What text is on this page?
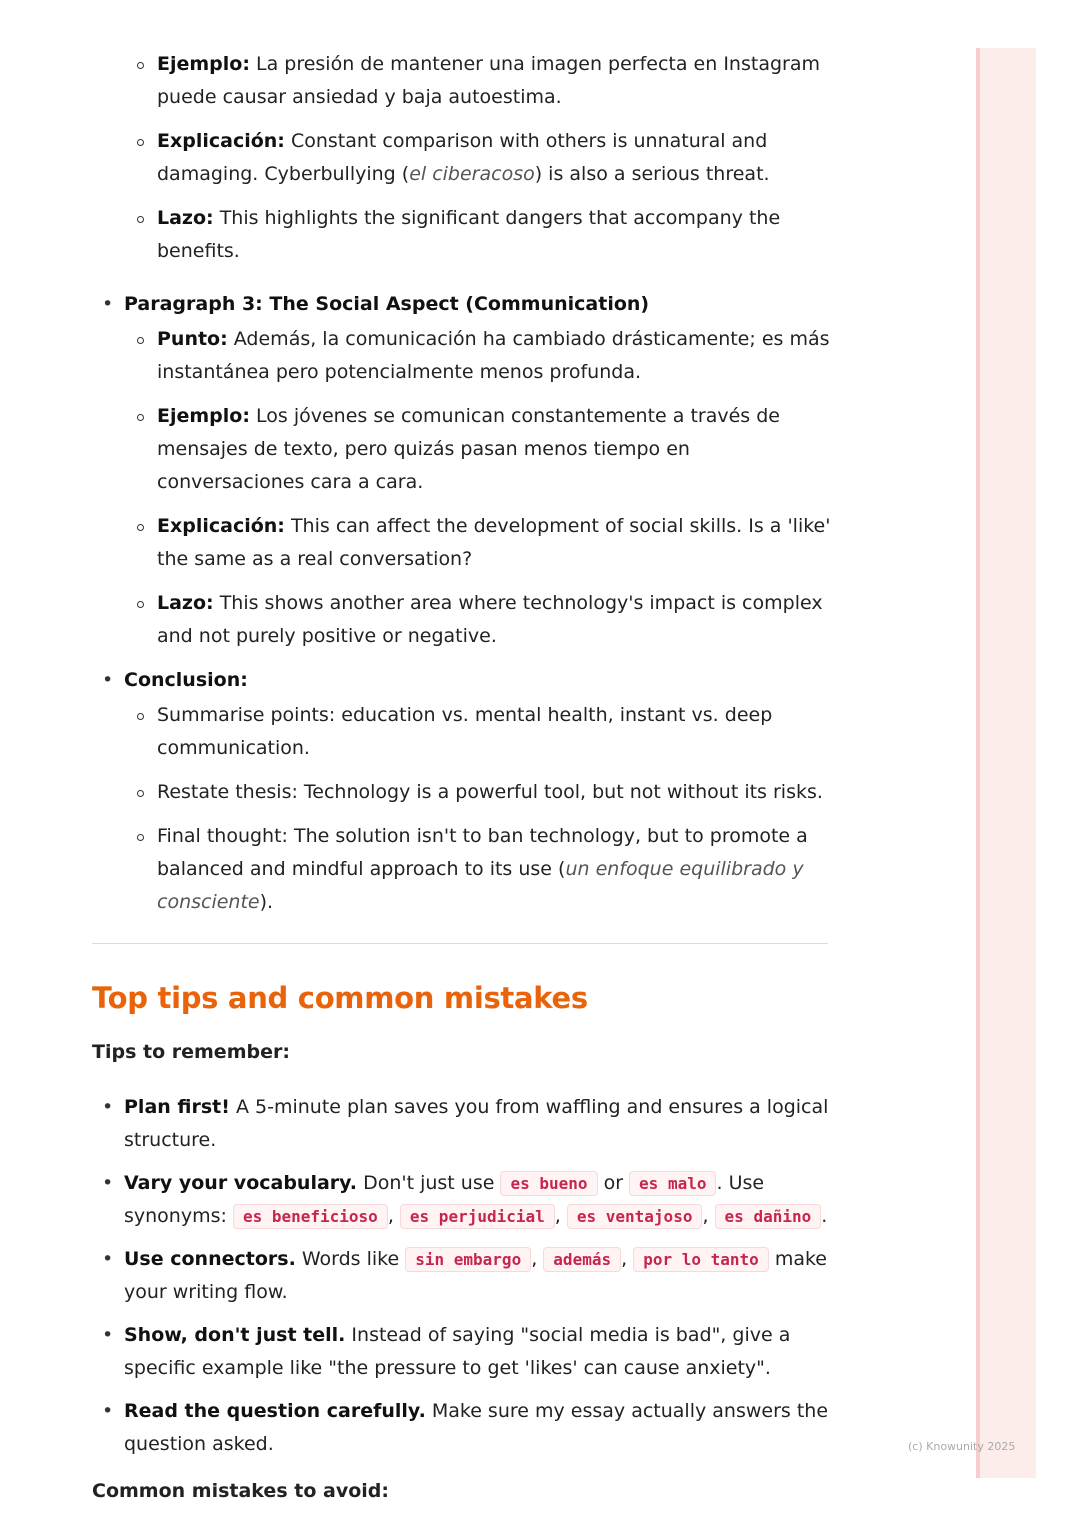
Ejemplo: La presión de mantener una imagen perfecta en Instagram puede causar ansiedad y baja autoestima.
Explicación: Constant comparison with others is unnatural and damaging. Cyberbullying (el ciberacoso) is also a serious threat.
Lazo: This highlights the significant dangers that accompany the benefits.
• Paragraph 3: The Social Aspect (Communication)
Punto: Además, la comunicación ha cambiado drásticamente; es más instantánea pero potencialmente menos profunda.
Ejemplo: Los jóvenes se comunican constantemente a través de mensajes de texto, pero quizás pasan menos tiempo en conversaciones cara a cara.
Explicación: This can affect the development of social skills. Is a 'like' the same as a real conversation?
Lazo: This shows another area where technology's impact is complex and not purely positive or negative.
• Conclusion:
Summarise points: education vs. mental health, instant vs. deep communication.
Restate thesis: Technology is a powerful tool, but not without its risks.
Final thought: The solution isn't to ban technology, but to promote a balanced and mindful approach to its use (un enfoque equilibrado y consciente).
Top tips and common mistakes
Tips to remember:
• Plan first! A 5-minute plan saves you from waffling and ensures a logical structure.
• Vary your vocabulary. Don't just use es bueno or es malo . Use synonyms: es beneficioso , es perjudicial , es ventajoso , es dañino .
• Use connectors. Words like sin embargo , además , por lo tanto make your writing flow.
• Show, don't just tell. Instead of saying "social media is bad", give a specific example like "the pressure to get 'likes' can cause anxiety".
• Read the question carefully. Make sure my essay actually answers the question asked.
Common mistakes to avoid:
(c) Knowunity 2025
